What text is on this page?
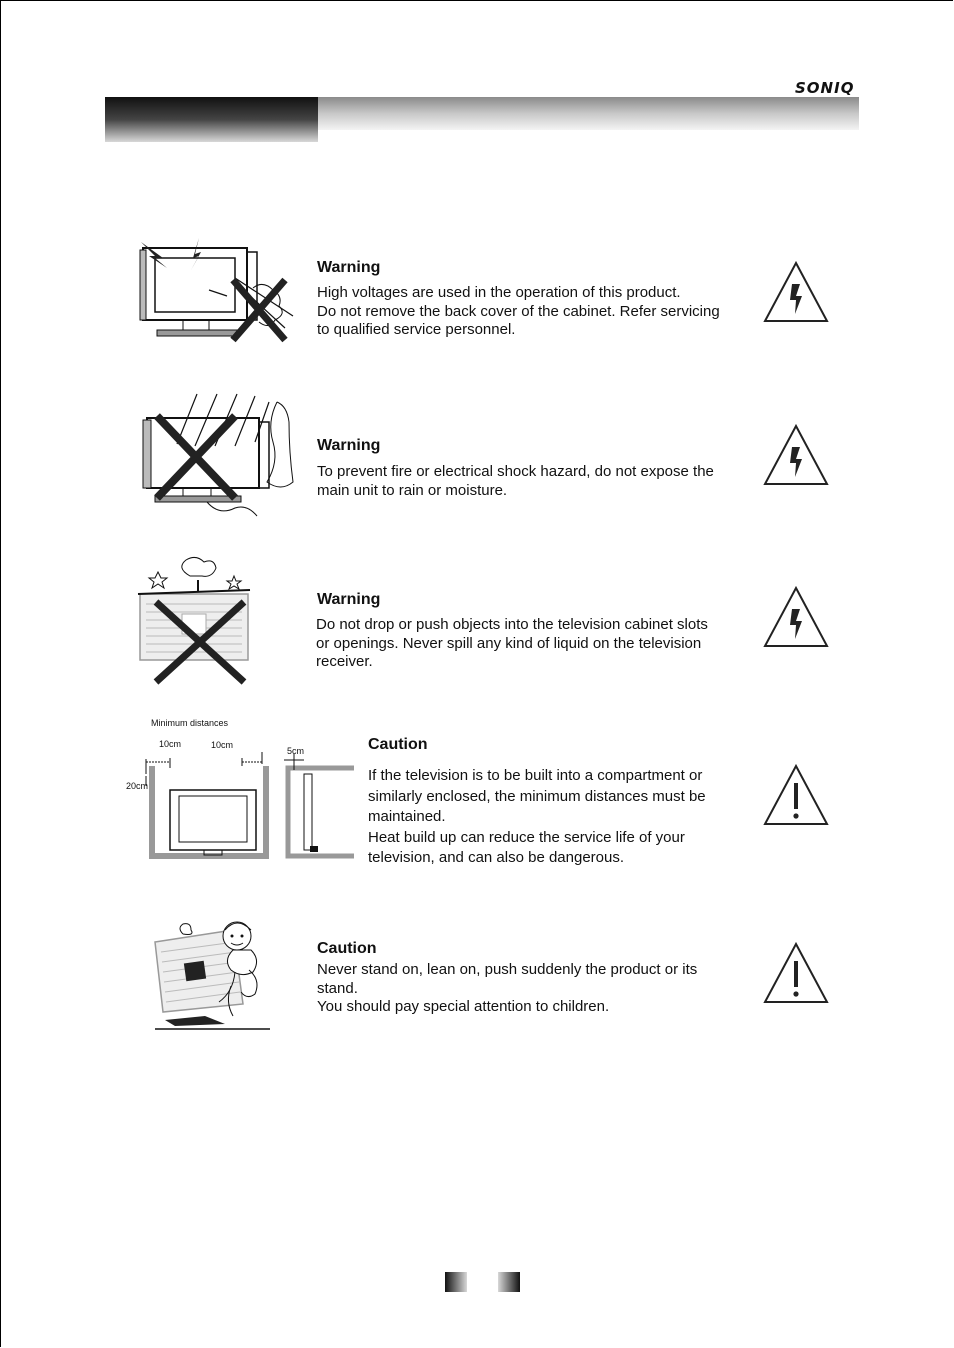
SONIQ
Warning

High voltages are used in the operation of this product.

Do not remove the back cover of the cabinet. Refer servicing

to qualified service personnel.

Warning

To prevent fire or electrical shock hazard, do not expose the

main unit to rain or moisture.

Warning

Do not drop or push objects into the television cabinet slots

or openings. Never spill any kind of liquid on the television

receiver.

Minimum distances
10cm	10cm
5cm
20cm
Caution

If the television is to be built into a compartment or

similarly enclosed, the minimum distances must be

maintained.

Heat build up can reduce the service life of your

television, and can also be dangerous.

Caution

Never stand on, lean on, push suddenly the product or its

stand.

You should pay special attention to children.
